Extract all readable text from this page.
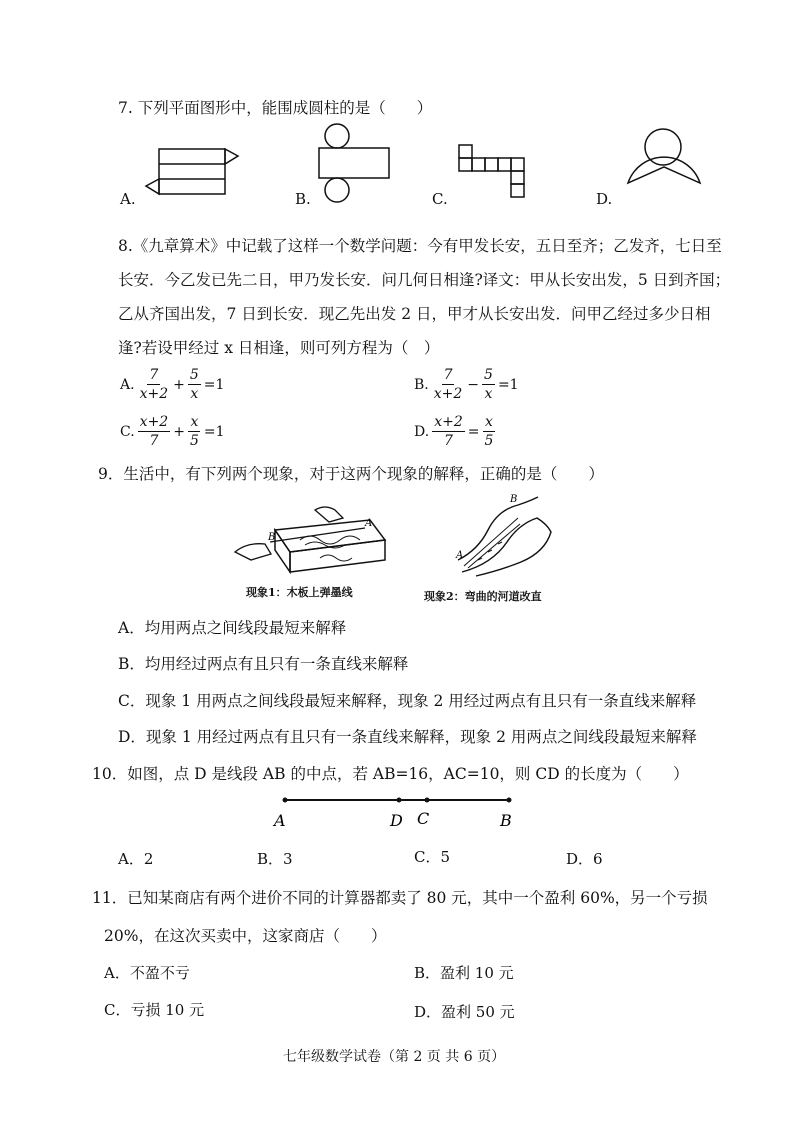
7. 下列平面图形中，能围成圆柱的是（　　）
A.	B.	C.	D.
8.《九章算术》中记载了这样一个数学问题：今有甲发长安，五日至齐；乙发齐，七日至
长安．今乙发已先二日，甲乃发长安．问几何日相逢?译文：甲从长安出发，5 日到齐国；
乙从齐国出发，7 日到长安．现乙先出发 2 日，甲才从长安出发．问甲乙经过多少日相
逢?若设甲经过 x 日相逢，则可列方程为（　）
A. $\frac{7}{x+2} + \frac{5}{x} =1$	B. $\frac{7}{x+2} - \frac{5}{x} =1$
C. $\frac{x+2}{7} + \frac{x}{5} =1$	D. $\frac{x+2}{7} = \frac{x}{5}$
9．生活中，有下列两个现象，对于这两个现象的解释，正确的是（　　）
A
B
现象1：木板上弹墨线
B
A
现象2：弯曲的河道改直
A．均用两点之间线段最短来解释
B．均用经过两点有且只有一条直线来解释
C．现象 1 用两点之间线段最短来解释，现象 2 用经过两点有且只有一条直线来解释
D．现象 1 用经过两点有且只有一条直线来解释，现象 2 用两点之间线段最短来解释
10．如图，点 D 是线段 AB 的中点，若 AB=16，AC=10，则 CD 的长度为（　　）
A	D C	B
A．2	B．3	C．5	D．6
11．已知某商店有两个进价不同的计算器都卖了 80 元，其中一个盈利 60%，另一个亏损
20%，在这次买卖中，这家商店（　　）
A．不盈不亏	B．盈利 10 元
C．亏损 10 元	D．盈利 50 元
七年级数学试卷（第 2 页 共 6 页）
